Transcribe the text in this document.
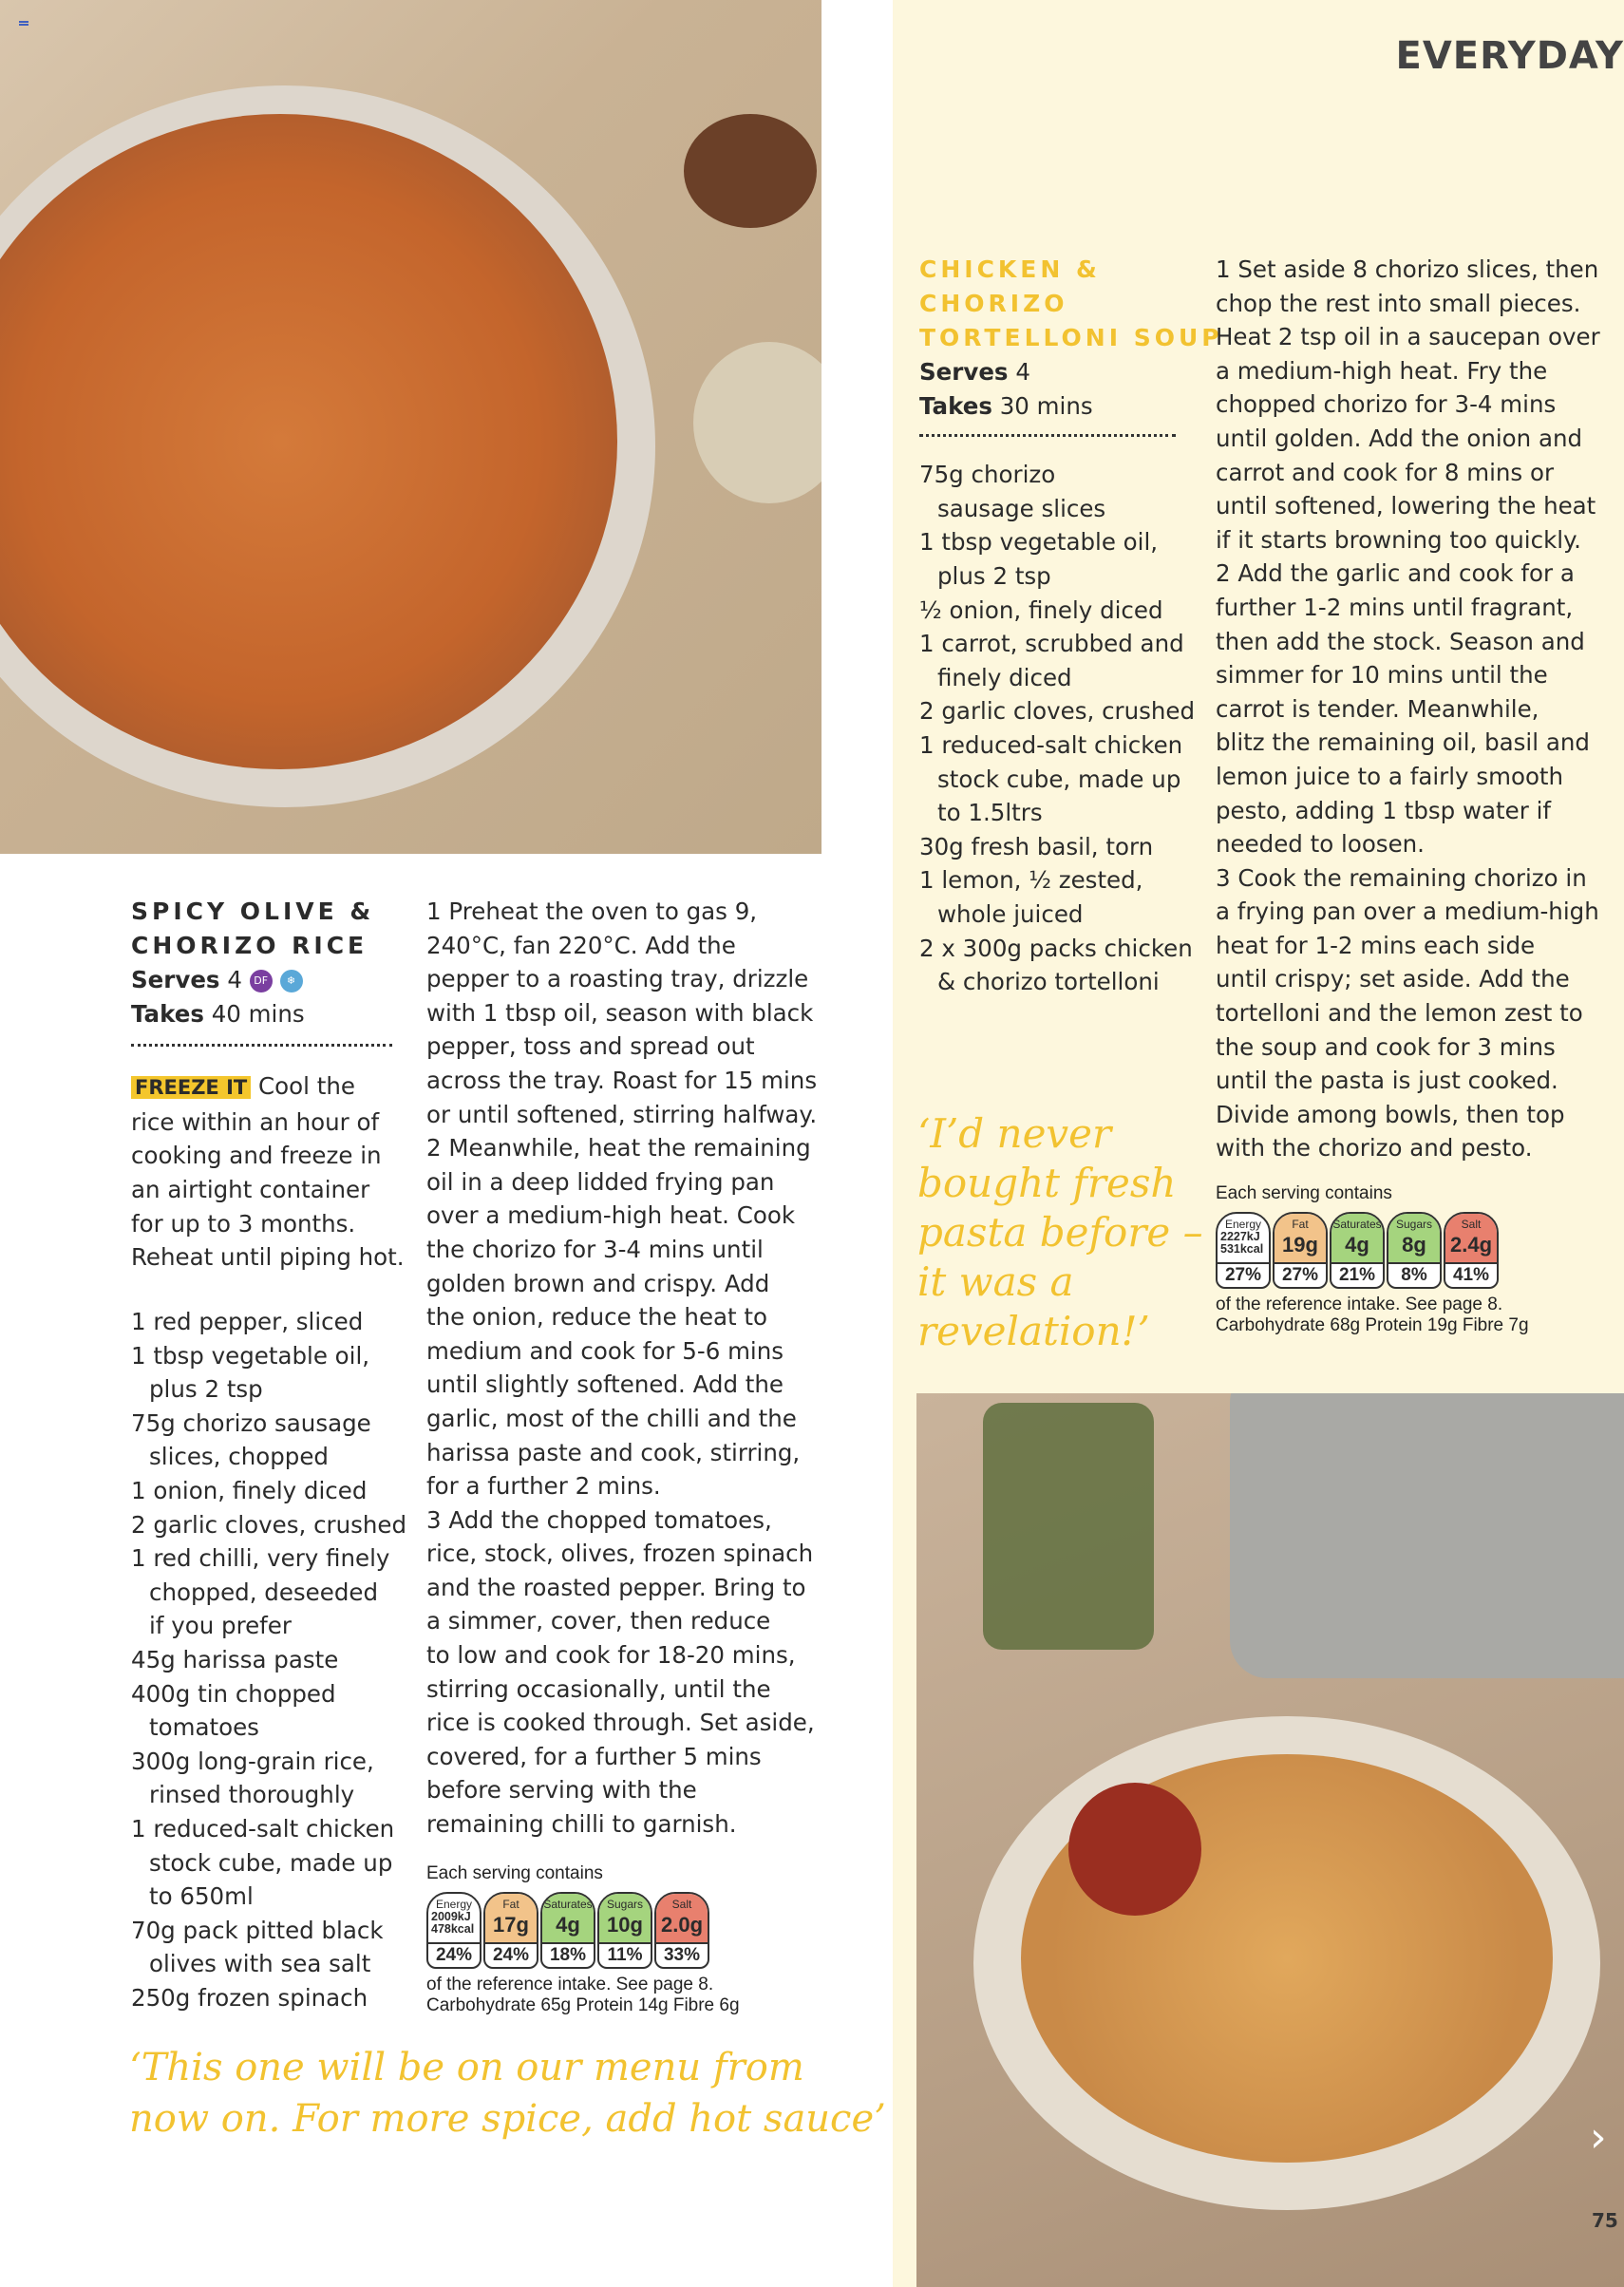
EVERYDAY
SPICY OLIVE &
CHORIZO RICE
Serves 4 DF ❄
Takes 40 mins
FREEZE IT Cool the
rice within an hour of
cooking and freeze in
an airtight container
for up to 3 months.
Reheat until piping hot.
1 red pepper, sliced
1 tbsp vegetable oil,
plus 2 tsp
75g chorizo sausage
slices, chopped
1 onion, finely diced
2 garlic cloves, crushed
1 red chilli, very finely
chopped, deseeded
if you prefer
45g harissa paste
400g tin chopped
tomatoes
300g long-grain rice,
rinsed thoroughly
1 reduced-salt chicken
stock cube, made up
to 650ml
70g pack pitted black
olives with sea salt
250g frozen spinach
1 Preheat the oven to gas 9,
240°C, fan 220°C. Add the
pepper to a roasting tray, drizzle
with 1 tbsp oil, season with black
pepper, toss and spread out
across the tray. Roast for 15 mins
or until softened, stirring halfway.
2 Meanwhile, heat the remaining
oil in a deep lidded frying pan
over a medium-high heat. Cook
the chorizo for 3-4 mins until
golden brown and crispy. Add
the onion, reduce the heat to
medium and cook for 5-6 mins
until slightly softened. Add the
garlic, most of the chilli and the
harissa paste and cook, stirring,
for a further 2 mins.
3 Add the chopped tomatoes,
rice, stock, olives, frozen spinach
and the roasted pepper. Bring to
a simmer, cover, then reduce
to low and cook for 18-20 mins,
stirring occasionally, until the
rice is cooked through. Set aside,
covered, for a further 5 mins
before serving with the
remaining chilli to garnish.
Each serving contains
Energy
2009kJ
478kcal
24%
Fat
17g
24%
Saturates
4g
18%
Sugars
10g
11%
Salt
2.0g
33%
of the reference intake. See page 8.
Carbohydrate 65g Protein 14g Fibre 6g
‘This one will be on our menu from
now on. For more spice, add hot sauce’
CHICKEN &
CHORIZO
TORTELLONI SOUP
Serves 4
Takes 30 mins
75g chorizo
sausage slices
1 tbsp vegetable oil,
plus 2 tsp
½ onion, finely diced
1 carrot, scrubbed and
finely diced
2 garlic cloves, crushed
1 reduced-salt chicken
stock cube, made up
to 1.5ltrs
30g fresh basil, torn
1 lemon, ½ zested,
whole juiced
2 x 300g packs chicken
& chorizo tortelloni
1 Set aside 8 chorizo slices, then
chop the rest into small pieces.
Heat 2 tsp oil in a saucepan over
a medium-high heat. Fry the
chopped chorizo for 3-4 mins
until golden. Add the onion and
carrot and cook for 8 mins or
until softened, lowering the heat
if it starts browning too quickly.
2 Add the garlic and cook for a
further 1-2 mins until fragrant,
then add the stock. Season and
simmer for 10 mins until the
carrot is tender. Meanwhile,
blitz the remaining oil, basil and
lemon juice to a fairly smooth
pesto, adding 1 tbsp water if
needed to loosen.
3 Cook the remaining chorizo in
a frying pan over a medium-high
heat for 1-2 mins each side
until crispy; set aside. Add the
tortelloni and the lemon zest to
the soup and cook for 3 mins
until the pasta is just cooked.
Divide among bowls, then top
with the chorizo and pesto.
Each serving contains
Energy
2227kJ
531kcal
27%
Fat
19g
27%
Saturates
4g
21%
Sugars
8g
8%
Salt
2.4g
41%
of the reference intake. See page 8.
Carbohydrate 68g Protein 19g Fibre 7g
‘I’d never
bought fresh
pasta before –
it was a
revelation!’
›
75
